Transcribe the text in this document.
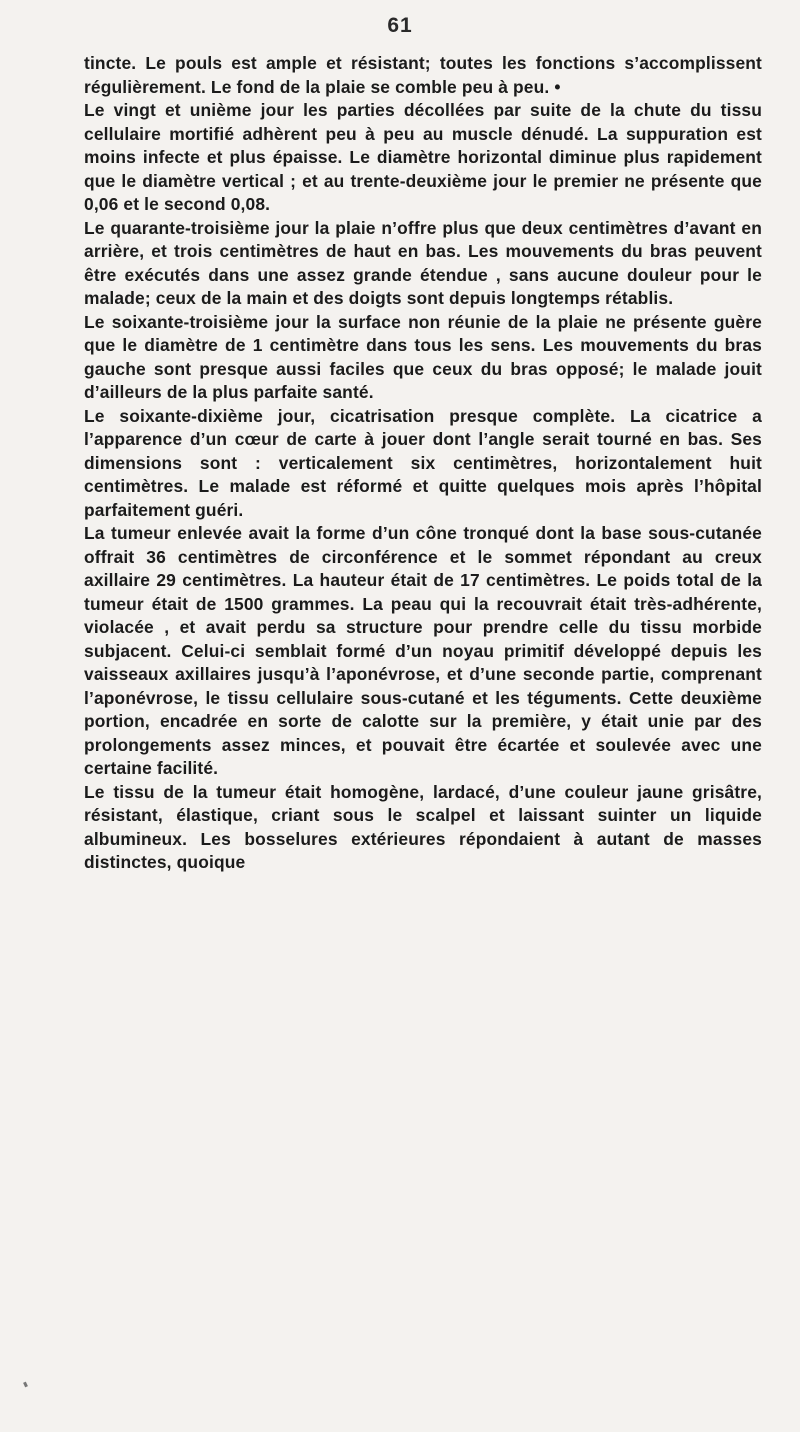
61

tincte. Le pouls est ample et résistant; toutes les fonctions s’accomplissent régulièrement. Le fond de la plaie se comble peu à peu. •

Le vingt et unième jour les parties décollées par suite de la chute du tissu cellulaire mortifié adhèrent peu à peu au muscle dénudé. La suppuration est moins infecte et plus épaisse. Le diamètre horizontal diminue plus rapidement que le diamètre vertical ; et au trente-deuxième jour le premier ne présente que 0,06 et le second 0,08.

Le quarante-troisième jour la plaie n’offre plus que deux centimètres d’avant en arrière, et trois centimètres de haut en bas. Les mouvements du bras peuvent être exécutés dans une assez grande étendue , sans aucune douleur pour le malade; ceux de la main et des doigts sont depuis longtemps rétablis.

Le soixante-troisième jour la surface non réunie de la plaie ne présente guère que le diamètre de 1 centimètre dans tous les sens. Les mouvements du bras gauche sont presque aussi faciles que ceux du bras opposé; le malade jouit d’ailleurs de la plus parfaite santé.

Le soixante-dixième jour, cicatrisation presque complète. La cicatrice a l’apparence d’un cœur de carte à jouer dont l’angle serait tourné en bas. Ses dimensions sont : verticalement six centimètres, horizontalement huit centimètres. Le malade est réformé et quitte quelques mois après l’hôpital parfaitement guéri.

La tumeur enlevée avait la forme d’un cône tronqué dont la base sous-cutanée offrait 36 centimètres de circonférence et le sommet répondant au creux axillaire 29 centimètres. La hauteur était de 17 centimètres. Le poids total de la tumeur était de 1500 grammes. La peau qui la recouvrait était très-adhérente, violacée , et avait perdu sa structure pour prendre celle du tissu morbide subjacent. Celui-ci semblait formé d’un noyau primitif développé depuis les vaisseaux axillaires jusqu’à l’aponévrose, et d’une seconde partie, comprenant l’aponévrose, le tissu cellulaire sous-cutané et les téguments. Cette deuxième portion, encadrée en sorte de calotte sur la première, y était unie par des prolongements assez minces, et pouvait être écartée et soulevée avec une certaine facilité.

Le tissu de la tumeur était homogène, lardacé, d’une couleur jaune grisâtre, résistant, élastique, criant sous le scalpel et laissant suinter un liquide albumineux. Les bosselures extérieures répondaient à autant de masses distinctes, quoique
